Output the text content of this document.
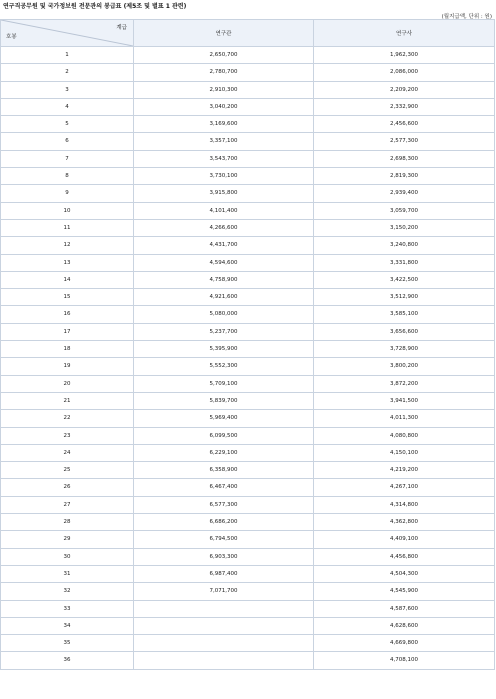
연구직공무원 및 국가정보원 전문관의 봉급표 (제5조 및 별표 1 관련)
(월지급액, 단위 : 원)
계급
호봉	연구관	연구사
1	2,650,700	1,962,300
2	2,780,700	2,086,000
3	2,910,300	2,209,200
4	3,040,200	2,332,900
5	3,169,600	2,456,600
6	3,357,100	2,577,300
7	3,543,700	2,698,300
8	3,730,100	2,819,300
9	3,915,800	2,939,400
10	4,101,400	3,059,700
11	4,266,600	3,150,200
12	4,431,700	3,240,800
13	4,594,600	3,331,800
14	4,758,900	3,422,500
15	4,921,600	3,512,900
16	5,080,000	3,585,100
17	5,237,700	3,656,600
18	5,395,900	3,728,900
19	5,552,300	3,800,200
20	5,709,100	3,872,200
21	5,839,700	3,941,500
22	5,969,400	4,011,300
23	6,099,500	4,080,800
24	6,229,100	4,150,100
25	6,358,900	4,219,200
26	6,467,400	4,267,100
27	6,577,300	4,314,800
28	6,686,200	4,362,800
29	6,794,500	4,409,100
30	6,903,300	4,456,800
31	6,987,400	4,504,300
32	7,071,700	4,545,900
33		4,587,600
34		4,628,600
35		4,669,800
36		4,708,100
